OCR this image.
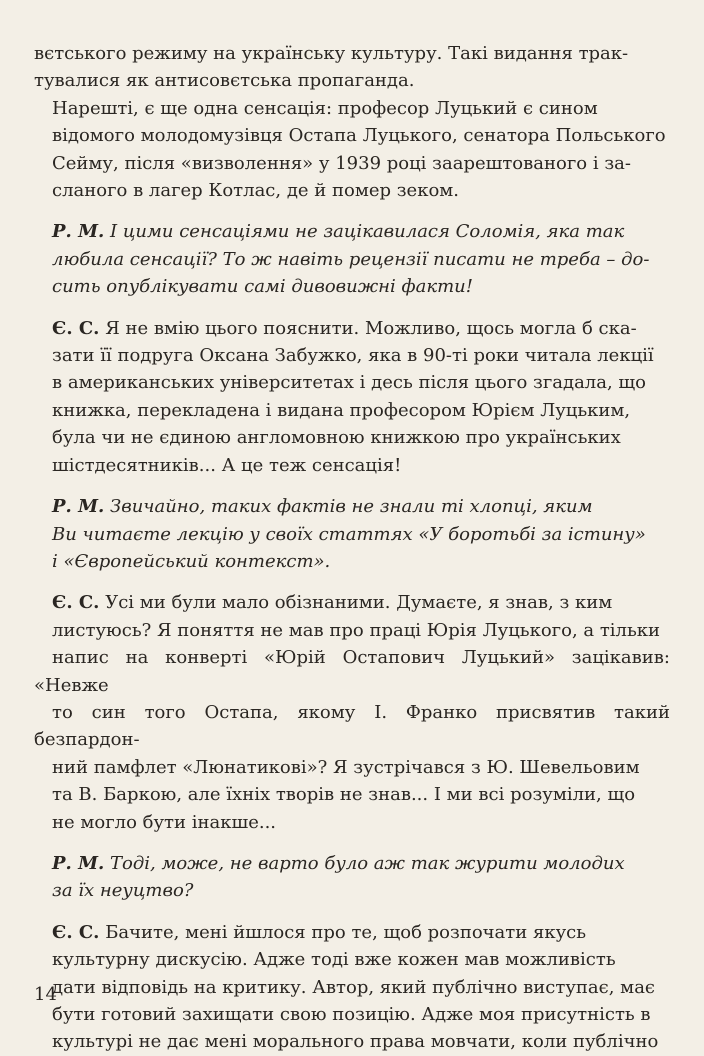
вєтського режиму на українську культуру. Такі видання трак-
тувалися як антисовєтська пропаганда.

Нарешті, є ще одна сенсація: професор Луцький є сином
відомого молодомузівця Остапа Луцького, сенатора Польського
Сейму, після «визволення» у 1939 році заарештованого і за-
сланого в лагер Котлас, де й помер зеком.

Р. М. І цими сенсаціями не зацікавилася Соломія, яка так
любила сенсації? То ж навіть рецензії писати не треба – до-
сить опублікувати самі дивовижні факти!

Є. С. Я не вмію цього пояснити. Можливо, щось могла б ска-
зати її подруга Оксана Забужко, яка в 90-ті роки читала лекції
в американських університетах і десь після цього згадала, що
книжка, перекладена і видана професором Юрієм Луцьким,
була чи не єдиною англомовною книжкою про українських
шістдесятників... А це теж сенсація!

Р. М. Звичайно, таких фактів не знали ті хлопці, яким
Ви читаєте лекцію у своїх статтях «У боротьбі за істину»
і «Європейський контекст».

Є. С. Усі ми були мало обізнаними. Думаєте, я знав, з ким
листуюсь? Я поняття не мав про праці Юрія Луцького, а тільки
напис на конверті «Юрій Остапович Луцький» зацікавив: «Невже
то син того Остапа, якому І. Франко присвятив такий безпардон-
ний памфлет «Люнатикові»? Я зустрічався з Ю. Шевельовим
та В. Баркою, але їхніх творів не знав... І ми всі розуміли, що
не могло бути інакше...

Р. М. Тоді, може, не варто було аж так журити молодих
за їх неуцтво?

Є. С. Бачите, мені йшлося про те, щоб розпочати якусь
культурну дискусію. Адже тоді вже кожен мав можливість
дати відповідь на критику. Автор, який публічно виступає, має
бути готовий захищати свою позицію. Адже моя присутність в
культурі не дає мені морального права мовчати, коли публічно

14
